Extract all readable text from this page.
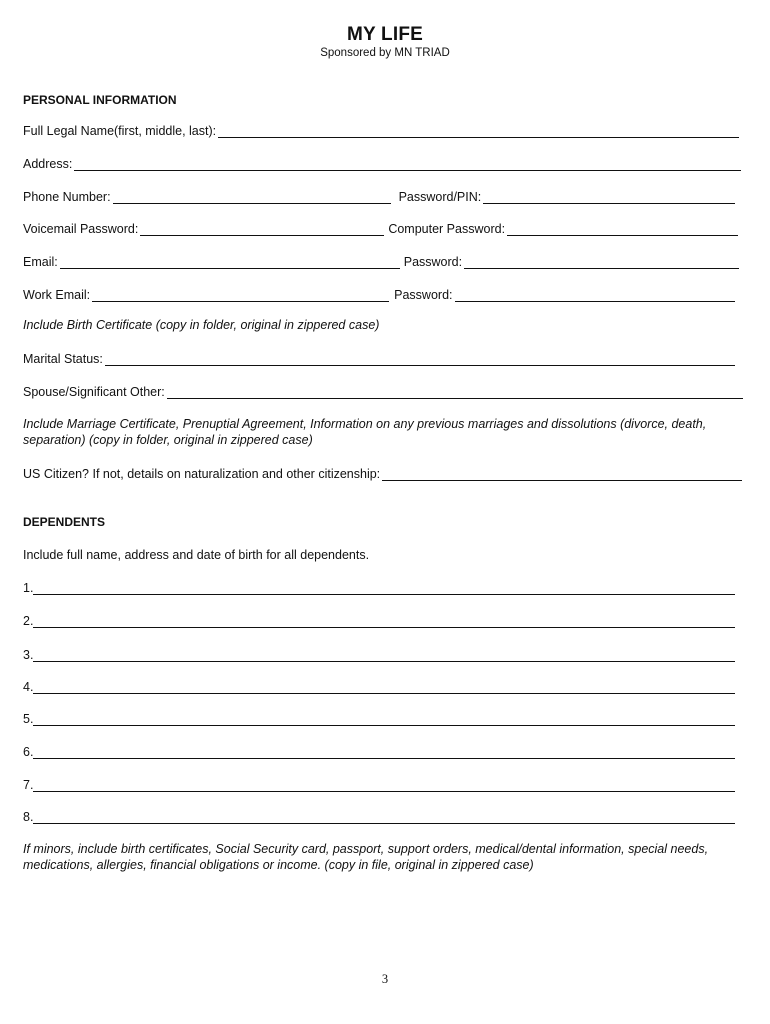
MY LIFE
Sponsored by MN TRIAD
PERSONAL INFORMATION
Full Legal Name(first, middle, last):
Address:
Phone Number:	Password/PIN:
Voicemail Password:	Computer Password:
Email:	Password:
Work Email:	Password:
Include Birth Certificate (copy in folder, original in zippered case)
Marital Status:
Spouse/Significant Other:
Include Marriage Certificate, Prenuptial Agreement, Information on any previous marriages and dissolutions (divorce, death, separation) (copy in folder, original in zippered case)
US Citizen? If not, details on naturalization and other citizenship:
DEPENDENTS
Include full name, address and date of birth for all dependents.
1.
2.
3.
4.
5.
6.
7.
8.
If minors, include birth certificates, Social Security card, passport, support orders, medical/dental information, special needs, medications, allergies, financial obligations or income. (copy in file, original in zippered case)
3
